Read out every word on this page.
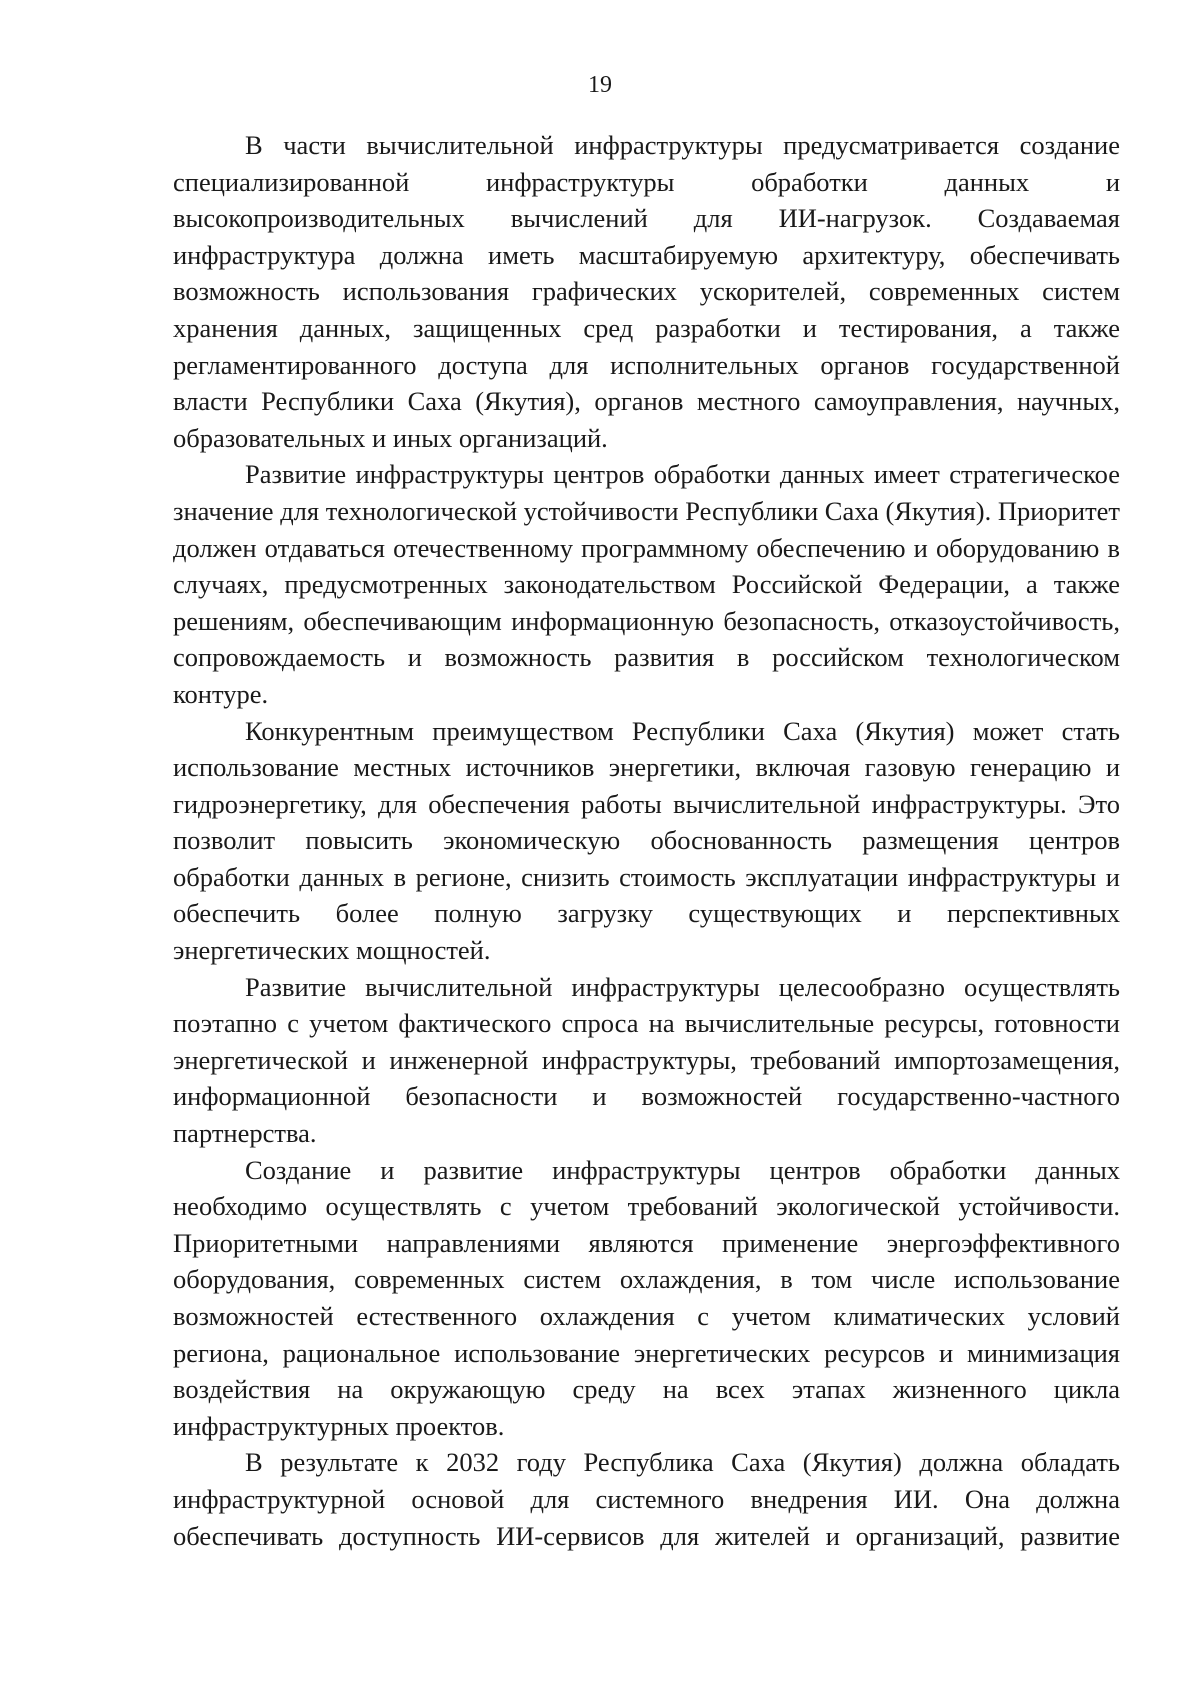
19

В части вычислительной инфраструктуры предусматривается создание специализированной инфраструктуры обработки данных и высокопроизводительных вычислений для ИИ-нагрузок. Создаваемая инфраструктура должна иметь масштабируемую архитектуру, обеспечивать возможность использования графических ускорителей, современных систем хранения данных, защищенных сред разработки и тестирования, а также регламентированного доступа для исполнительных органов государственной власти Республики Саха (Якутия), органов местного самоуправления, научных, образовательных и иных организаций.

Развитие инфраструктуры центров обработки данных имеет стратегическое значение для технологической устойчивости Республики Саха (Якутия). Приоритет должен отдаваться отечественному программному обеспечению и оборудованию в случаях, предусмотренных законодательством Российской Федерации, а также решениям, обеспечивающим информационную безопасность, отказоустойчивость, сопровождаемость и возможность развития в российском технологическом контуре.

Конкурентным преимуществом Республики Саха (Якутия) может стать использование местных источников энергетики, включая газовую генерацию и гидроэнергетику, для обеспечения работы вычислительной инфраструктуры. Это позволит повысить экономическую обоснованность размещения центров обработки данных в регионе, снизить стоимость эксплуатации инфраструктуры и обеспечить более полную загрузку существующих и перспективных энергетических мощностей.

Развитие вычислительной инфраструктуры целесообразно осуществлять поэтапно с учетом фактического спроса на вычислительные ресурсы, готовности энергетической и инженерной инфраструктуры, требований импортозамещения, информационной безопасности и возможностей государственно-частного партнерства.

Создание и развитие инфраструктуры центров обработки данных необходимо осуществлять с учетом требований экологической устойчивости. Приоритетными направлениями являются применение энергоэффективного оборудования, современных систем охлаждения, в том числе использование возможностей естественного охлаждения с учетом климатических условий региона, рациональное использование энергетических ресурсов и минимизация воздействия на окружающую среду на всех этапах жизненного цикла инфраструктурных проектов.

В результате к 2032 году Республика Саха (Якутия) должна обладать инфраструктурной основой для системного внедрения ИИ. Она должна обеспечивать доступность ИИ-сервисов для жителей и организаций, развитие
